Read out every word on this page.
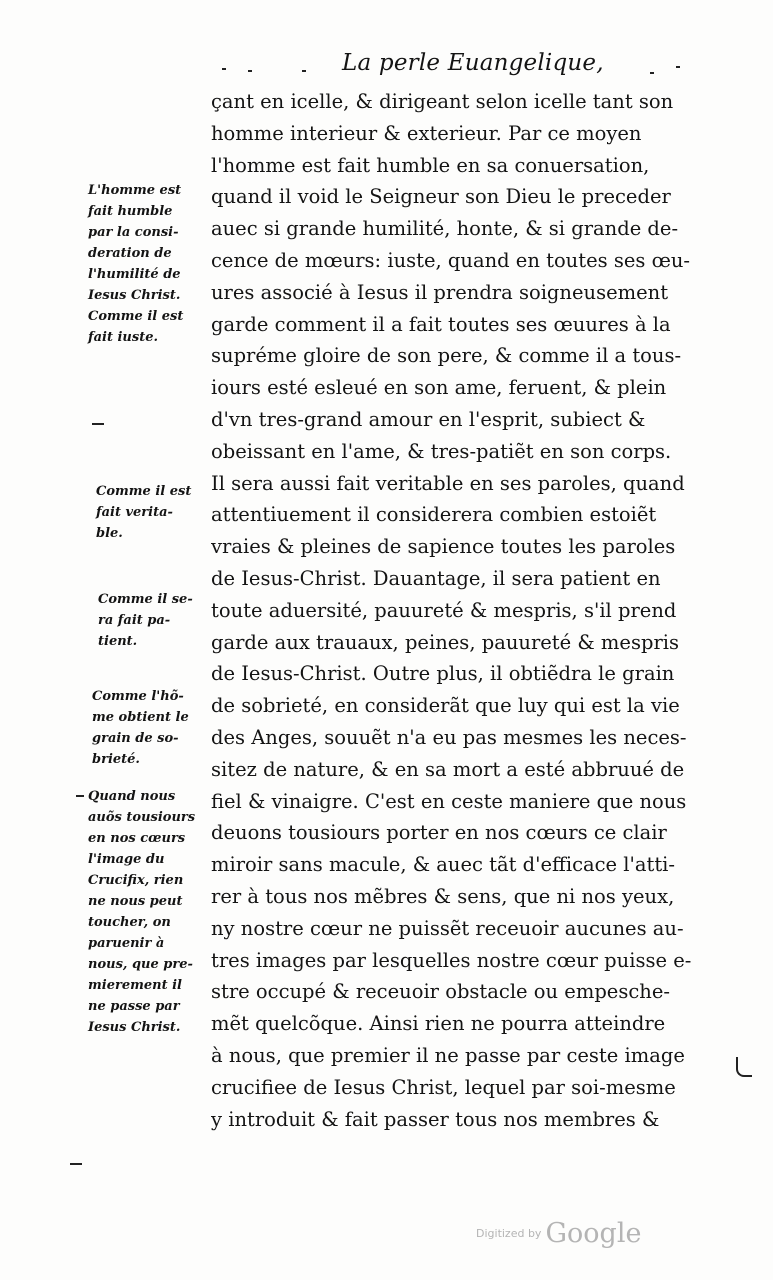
La perle Euangelique,
çant en icelle, & dirigeant selon icelle tant son
homme interieur & exterieur. Par ce moyen
l'homme est fait humble en sa conuersation,
quand il void le Seigneur son Dieu le preceder
auec si grande humilité, honte, & si grande de-
cence de mœurs: iuste, quand en toutes ses œu-
ures associé à Iesus il prendra soigneusement
garde comment il a fait toutes ses œuures à la
supréme gloire de son pere, & comme il a tous-
iours esté esleué en son ame, feruent, & plein
d'vn tres-grand amour en l'esprit, subiect &
obeissant en l'ame, & tres-patiẽt en son corps.
Il sera aussi fait veritable en ses paroles, quand
attentiuement il considerera combien estoiẽt
vraies & pleines de sapience toutes les paroles
de Iesus-Christ. Dauantage, il sera patient en
toute aduersité, pauureté & mespris, s'il prend
garde aux trauaux, peines, pauureté & mespris
de Iesus-Christ. Outre plus, il obtiẽdra le grain
de sobrieté, en considerãt que luy qui est la vie
des Anges, souuẽt n'a eu pas mesmes les neces-
sitez de nature, & en sa mort a esté abbruué de
fiel & vinaigre. C'est en ceste maniere que nous
deuons tousiours porter en nos cœurs ce clair
miroir sans macule, & auec tãt d'efficace l'atti-
rer à tous nos mẽbres & sens, que ni nos yeux,
ny nostre cœur ne puissẽt receuoir aucunes au-
tres images par lesquelles nostre cœur puisse e-
stre occupé & receuoir obstacle ou empesche-
mẽt quelcõque. Ainsi rien ne pourra atteindre
à nous, que premier il ne passe par ceste image
crucifiee de Iesus Christ, lequel par soi-mesme
y introduit & fait passer tous nos membres &
L'homme est
fait humble
par la consi-
deration de
l'humilité de
Iesus Christ.
Comme il est
fait iuste.
Comme il est
fait verita-
ble.
Comme il se-
ra fait pa-
tient.
Comme l'hõ-
me obtient le
grain de so-
brieté.
Quand nous
auõs tousiours
en nos cœurs
l'image du
Crucifix, rien
ne nous peut
toucher, on
paruenir à
nous, que pre-
mierement il
ne passe par
Iesus Christ.
Digitized by Google
